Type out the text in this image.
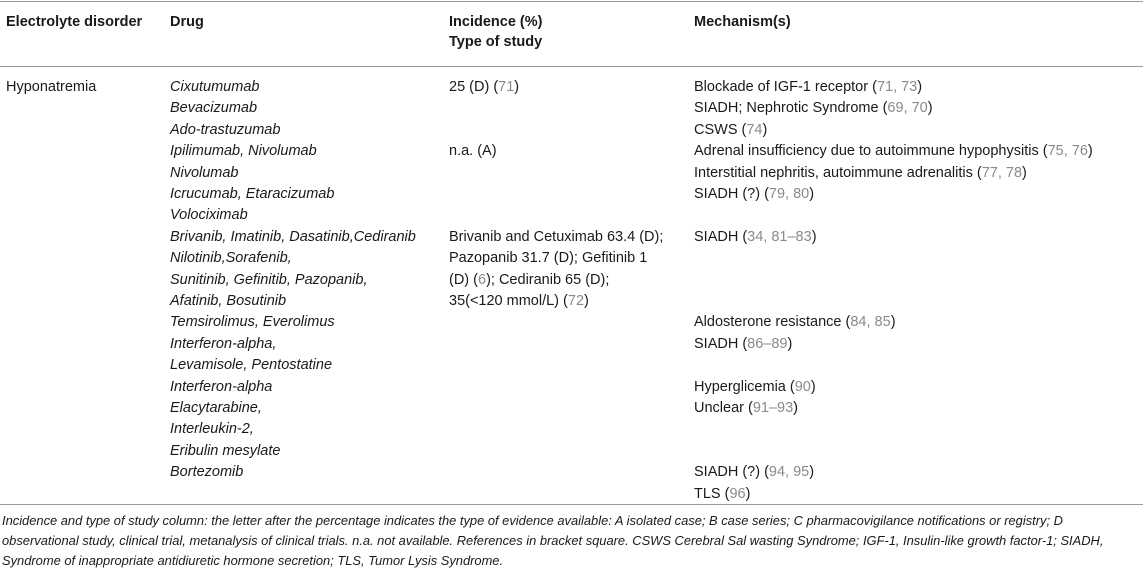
Electrolyte disorder Drug	Incidence (%)
Type of study
Mechanism(s)
Hyponatremia	Cixutumumab
Bevacizumab
Ado-trastuzumab
Ipilimumab, Nivolumab
Nivolumab
Icrucumab, Etaracizumab
Volociximab
Brivanib, Imatinib, Dasatinib,Cediranib
Nilotinib,Sorafenib,
Sunitinib, Gefinitib, Pazopanib,
Afatinib, Bosutinib
Temsirolimus, Everolimus
Interferon-alpha,
Levamisole, Pentostatine
Interferon-alpha
Elacytarabine,
Interleukin-2,
Eribulin mesylate
Bortezomib
25 (D) (71)
n.a. (A)
Brivanib and Cetuximab 63.4 (D);
Pazopanib 31.7 (D); Gefitinib 1
(D) (6); Cediranib 65 (D);
35(<120 mmol/L) (72)
Blockade of IGF-1 receptor (71, 73)
SIADH; Nephrotic Syndrome (69, 70)
CSWS (74)
Adrenal insufficiency due to autoimmune hypophysitis (75, 76)
Interstitial nephritis, autoimmune adrenalitis (77, 78)
SIADH (?) (79, 80)
SIADH (34, 81–83)
Aldosterone resistance (84, 85)
SIADH (86–89)
Hyperglicemia (90)
Unclear (91–93)
SIADH (?) (94, 95)
TLS (96)
Incidence and type of study column: the letter after the percentage indicates the type of evidence available: A isolated case; B case series; C pharmacovigilance notifications or registry; D observational study, clinical trial, metanalysis of clinical trials. n.a. not available. References in bracket square. CSWS Cerebral Sal wasting Syndrome; IGF-1, Insulin-like growth factor-1; SIADH, Syndrome of inappropriate antidiuretic hormone secretion; TLS, Tumor Lysis Syndrome.
